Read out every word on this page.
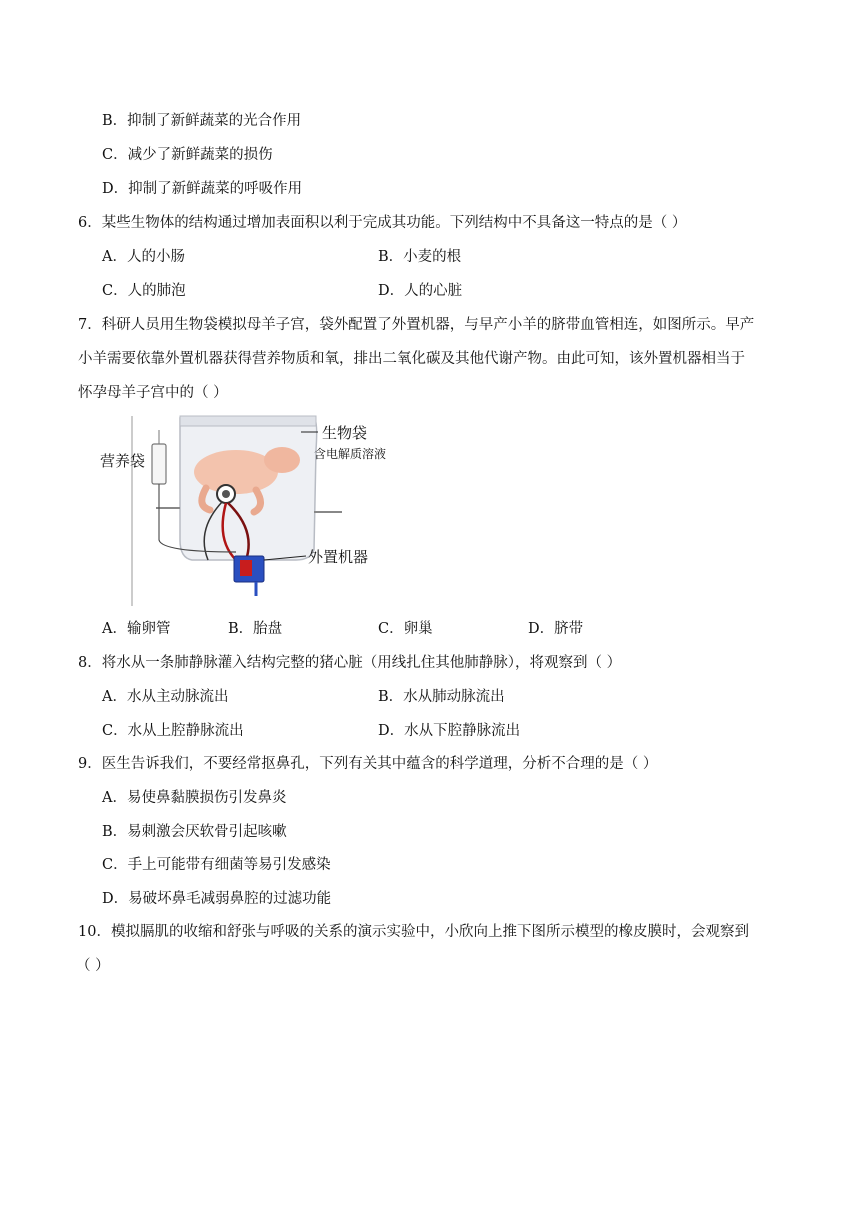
B．抑制了新鲜蔬菜的光合作用
C．减少了新鲜蔬菜的损伤
D．抑制了新鲜蔬菜的呼吸作用
6．某些生物体的结构通过增加表面积以利于完成其功能。下列结构中不具备这一特点的是（ ）
A．人的小肠	B．小麦的根
C．人的肺泡	D．人的心脏
7．科研人员用生物袋模拟母羊子宫，袋外配置了外置机器，与早产小羊的脐带血管相连，如图所示。早产
小羊需要依靠外置机器获得营养物质和氧，排出二氧化碳及其他代谢产物。由此可知，该外置机器相当于
怀孕母羊子宫中的（ ）
营养袋
生物袋
含电解质溶液
外置机器
A．输卵管	B．胎盘	C．卵巢	D．脐带
8．将水从一条肺静脉灌入结构完整的猪心脏（用线扎住其他肺静脉），将观察到（ ）
A．水从主动脉流出	B．水从肺动脉流出
C．水从上腔静脉流出	D．水从下腔静脉流出
9．医生告诉我们，不要经常抠鼻孔，下列有关其中蕴含的科学道理，分析不合理的是（ ）
A．易使鼻黏膜损伤引发鼻炎
B．易刺激会厌软骨引起咳嗽
C．手上可能带有细菌等易引发感染
D．易破坏鼻毛减弱鼻腔的过滤功能
10．模拟膈肌的收缩和舒张与呼吸的关系的演示实验中，小欣向上推下图所示模型的橡皮膜时，会观察到
（ ）
